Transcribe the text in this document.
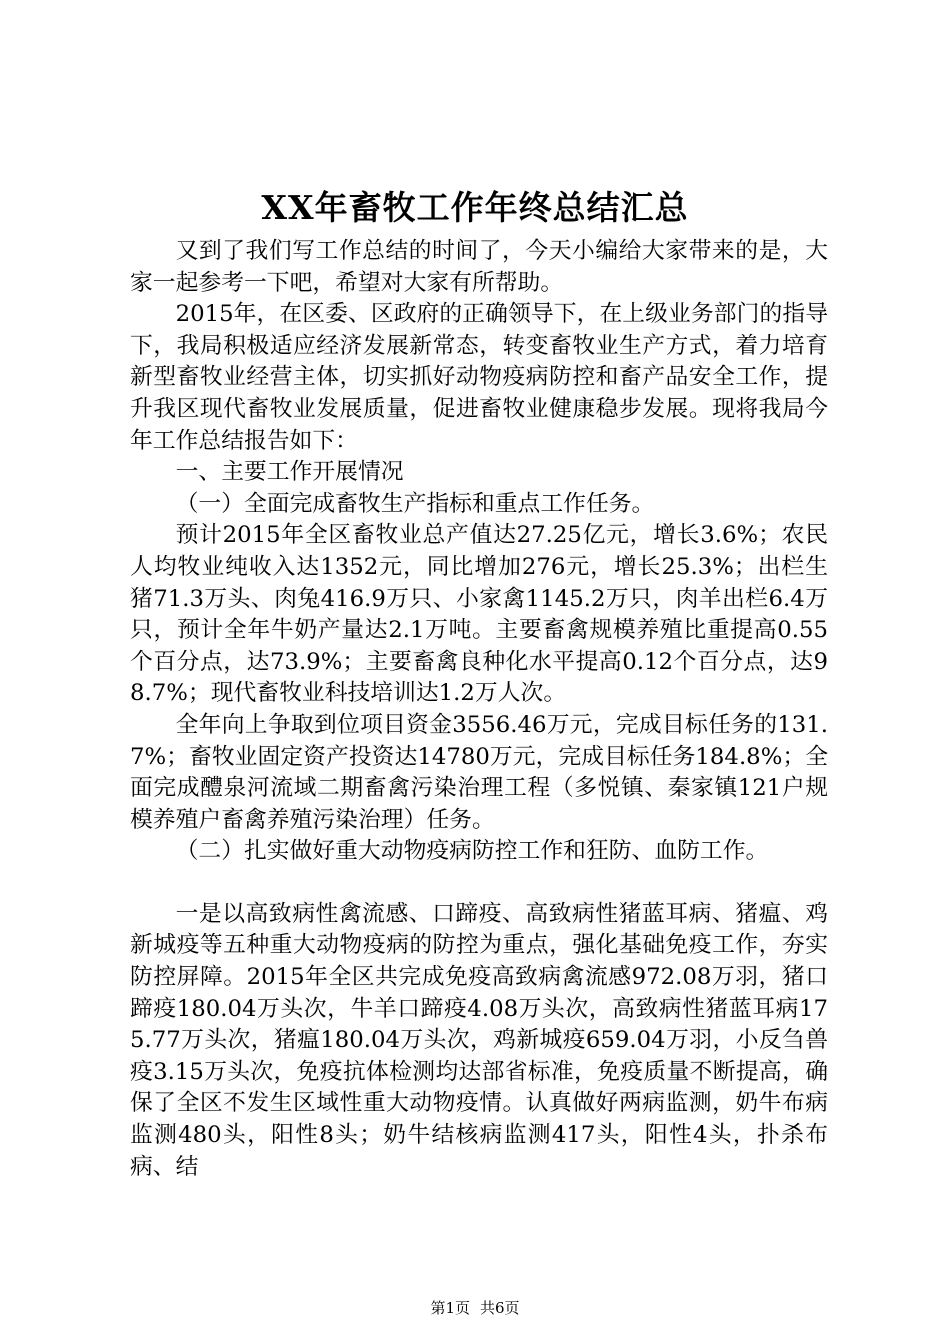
XX年畜牧工作年终总结汇总

又到了我们写工作总结的时间了，今天小编给大家带来的是，大家一起参考一下吧，希望对大家有所帮助。

2015年，在区委、区政府的正确领导下，在上级业务部门的指导下，我局积极适应经济发展新常态，转变畜牧业生产方式，着力培育新型畜牧业经营主体，切实抓好动物疫病防控和畜产品安全工作，提升我区现代畜牧业发展质量，促进畜牧业健康稳步发展。现将我局今年工作总结报告如下：

一、主要工作开展情况

（一）全面完成畜牧生产指标和重点工作任务。

预计2015年全区畜牧业总产值达27.25亿元，增长3.6%；农民人均牧业纯收入达1352元，同比增加276元，增长25.3%；出栏生猪71.3万头、肉兔416.9万只、小家禽1145.2万只，肉羊出栏6.4万只，预计全年牛奶产量达2.1万吨。主要畜禽规模养殖比重提高0.55个百分点，达73.9%；主要畜禽良种化水平提高0.12个百分点，达98.7%；现代畜牧业科技培训达1.2万人次。

全年向上争取到位项目资金3556.46万元，完成目标任务的131.7%；畜牧业固定资产投资达14780万元，完成目标任务184.8%；全面完成醴泉河流域二期畜禽污染治理工程（多悦镇、秦家镇121户规模养殖户畜禽养殖污染治理）任务。

（二）扎实做好重大动物疫病防控工作和狂防、血防工作。

一是以高致病性禽流感、口蹄疫、高致病性猪蓝耳病、猪瘟、鸡新城疫等五种重大动物疫病的防控为重点，强化基础免疫工作，夯实防控屏障。2015年全区共完成免疫高致病禽流感972.08万羽，猪口蹄疫180.04万头次，牛羊口蹄疫4.08万头次，高致病性猪蓝耳病175.77万头次，猪瘟180.04万头次，鸡新城疫659.04万羽，小反刍兽疫3.15万头次，免疫抗体检测均达部省标准，免疫质量不断提高，确保了全区不发生区域性重大动物疫情。认真做好两病监测，奶牛布病监测480头，阳性8头；奶牛结核病监测417头，阳性4头，扑杀布病、结

第1页 共6页
